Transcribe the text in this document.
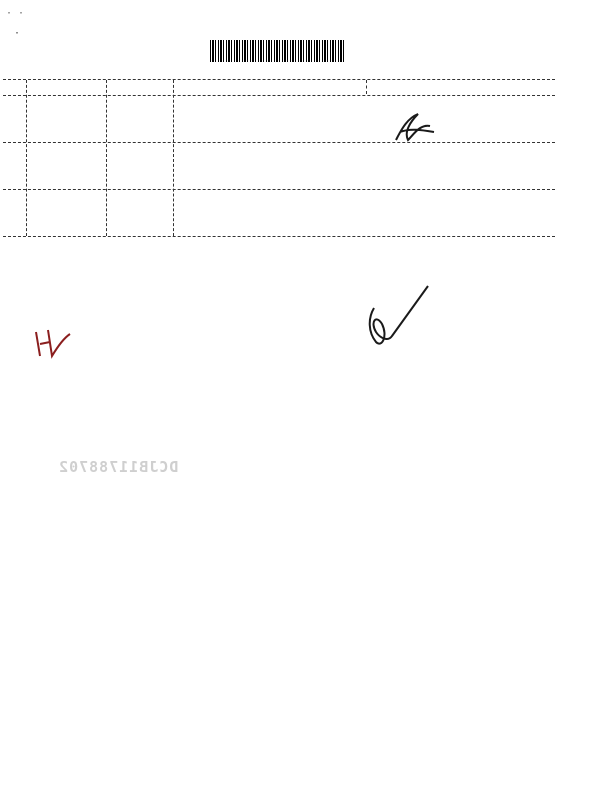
· ·
·
DCJB11788702
